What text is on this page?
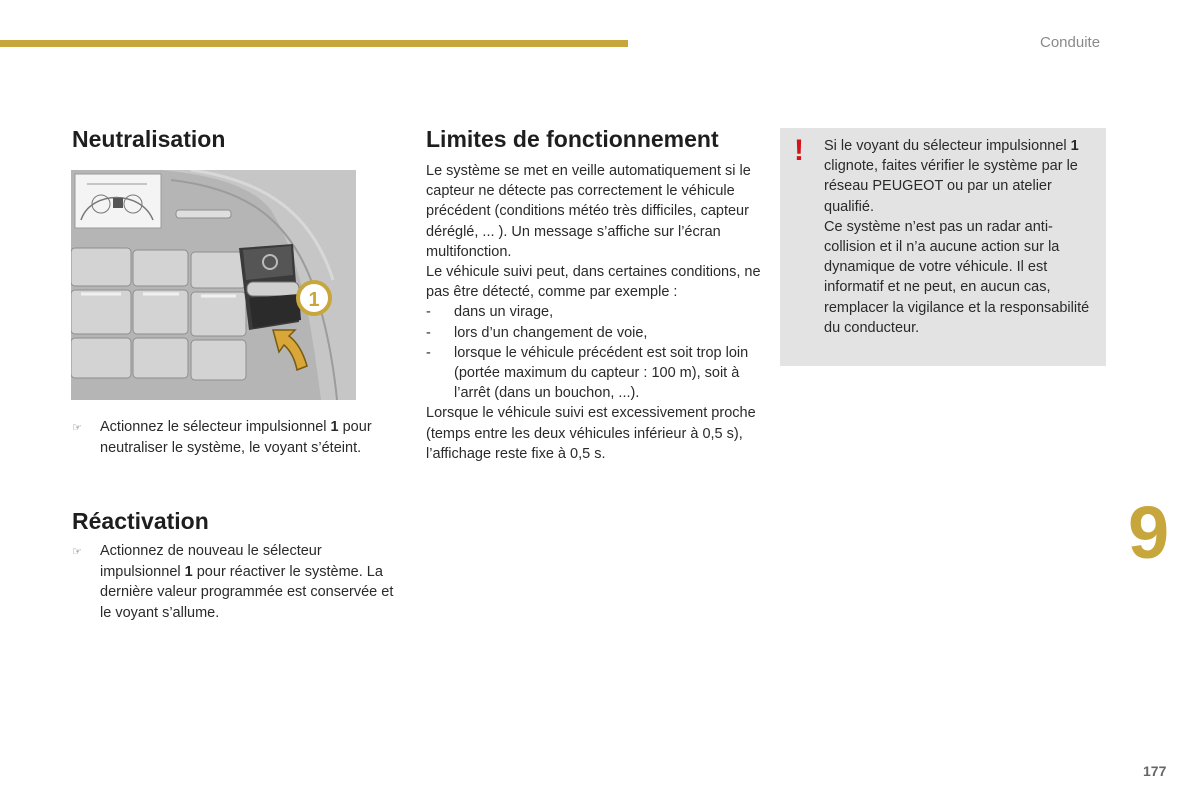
Conduite
Neutralisation
1
☞	Actionnez le sélecteur impulsionnel 1 pour neutraliser le système, le voyant s’éteint.
Réactivation
☞	Actionnez de nouveau le sélecteur impulsionnel 1 pour réactiver le système. La dernière valeur programmée est conservée et le voyant s’allume.
Limites de fonctionnement

Le système se met en veille automatiquement si le capteur ne détecte pas correctement le véhicule précédent (conditions météo très difficiles, capteur déréglé, ... ). Un message s’affiche sur l’écran multifonction.

Le véhicule suivi peut, dans certaines conditions, ne pas être détecté, comme par exemple :

-	dans un virage,
-	lors d’un changement de voie,
-	lorsque le véhicule précédent est soit trop loin (portée maximum du capteur : 100 m), soit à l’arrêt (dans un bouchon, ...).

Lorsque le véhicule suivi est excessivement proche (temps entre les deux véhicules inférieur à 0,5 s), l’affichage reste fixe à 0,5 s.

! Si le voyant du sélecteur impulsionnel 1 clignote, faites vérifier le système par le réseau PEUGEOT ou par un atelier qualifié.

Ce système n’est pas un radar anti-collision et il n’a aucune action sur la dynamique de votre véhicule. Il est informatif et ne peut, en aucun cas, remplacer la vigilance et la responsabilité du conducteur.

9
177
